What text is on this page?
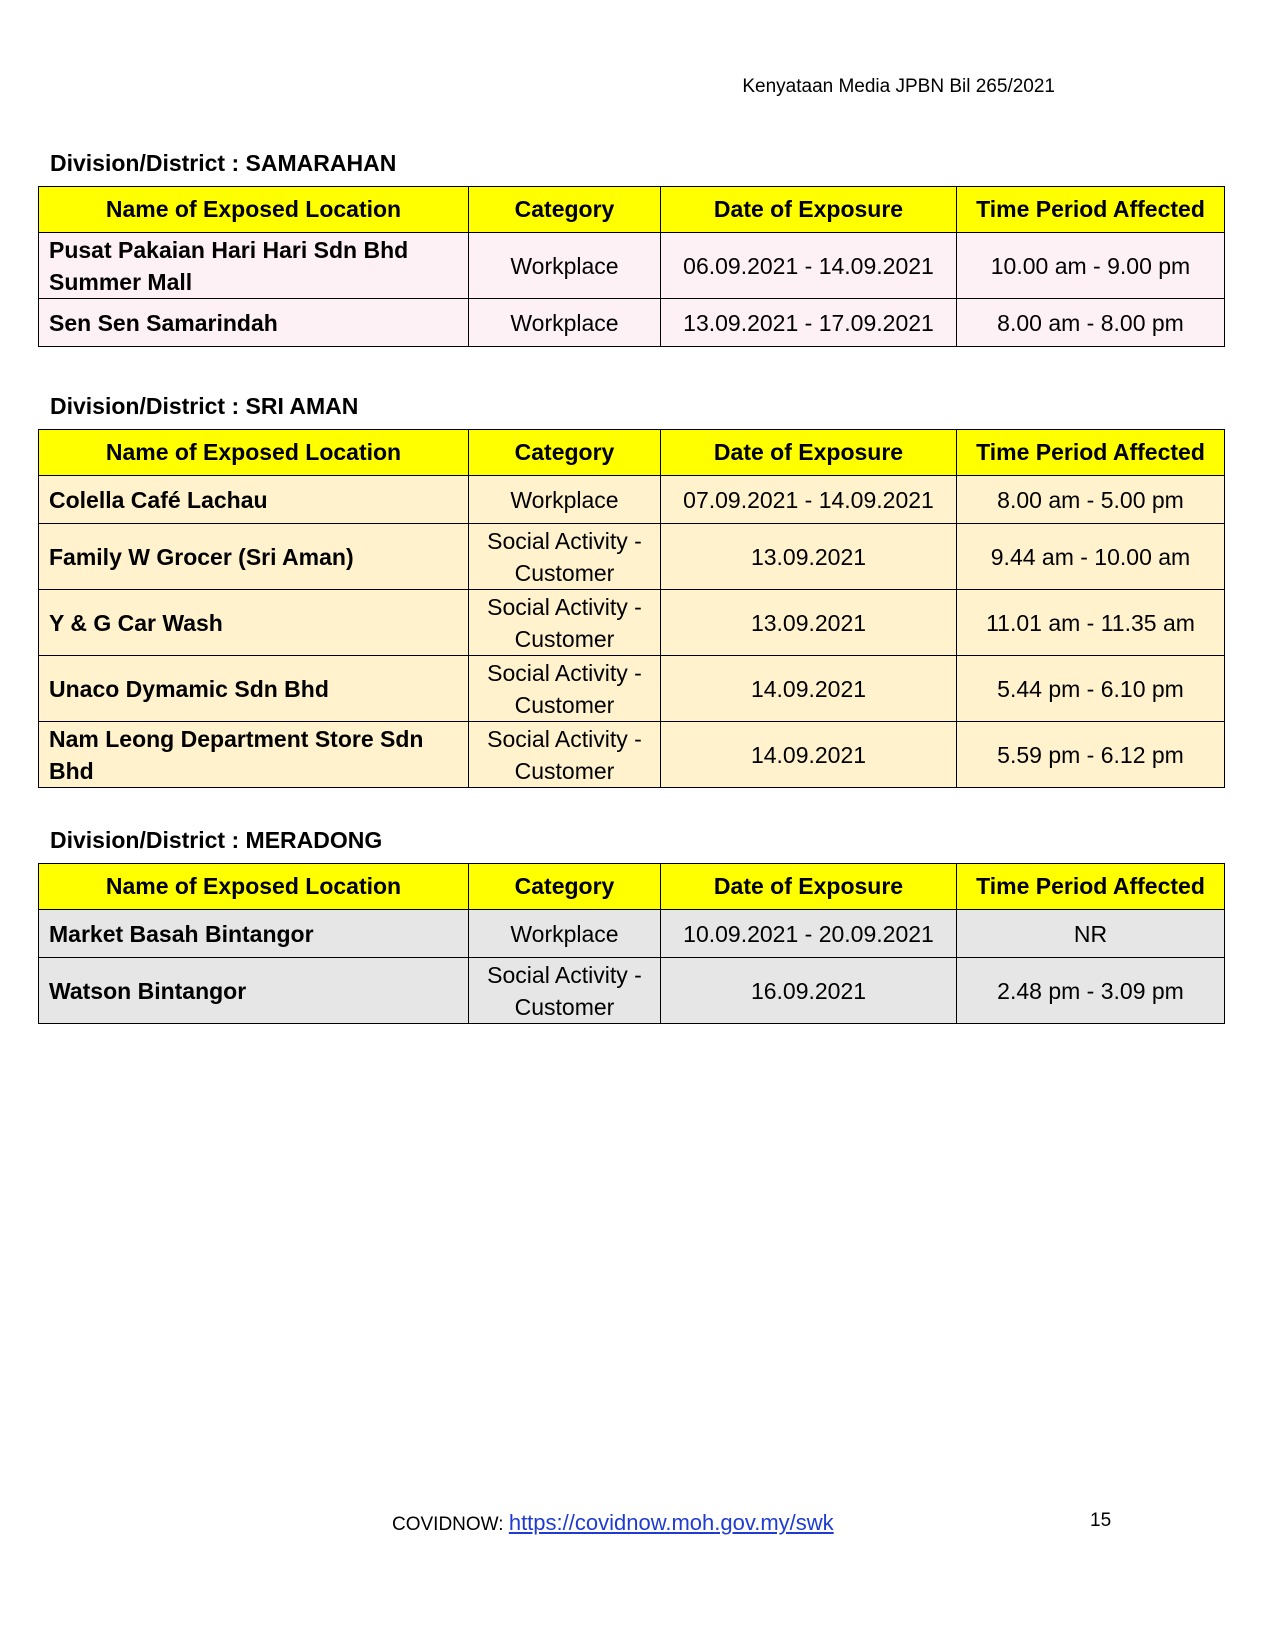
Kenyataan Media JPBN Bil 265/2021
Division/District : SAMARAHAN
Name of Exposed Location	Category	Date of Exposure	Time Period Affected
Pusat Pakaian Hari Hari Sdn Bhd Summer Mall	Workplace	06.09.2021 - 14.09.2021	10.00 am - 9.00 pm
Sen Sen Samarindah	Workplace	13.09.2021 - 17.09.2021	8.00 am - 8.00 pm
Division/District : SRI AMAN
Name of Exposed Location	Category	Date of Exposure	Time Period Affected
Colella Café Lachau	Workplace	07.09.2021 - 14.09.2021	8.00 am - 5.00 pm
Family W Grocer (Sri Aman)	Social Activity - Customer	13.09.2021	9.44 am - 10.00 am
Y & G Car Wash	Social Activity - Customer	13.09.2021	11.01 am - 11.35 am
Unaco Dymamic Sdn Bhd	Social Activity - Customer	14.09.2021	5.44 pm - 6.10 pm
Nam Leong Department Store Sdn Bhd	Social Activity - Customer	14.09.2021	5.59 pm - 6.12 pm
Division/District : MERADONG
Name of Exposed Location	Category	Date of Exposure	Time Period Affected
Market Basah Bintangor	Workplace	10.09.2021 - 20.09.2021	NR
Watson Bintangor	Social Activity - Customer	16.09.2021	2.48 pm - 3.09 pm
COVIDNOW: https://covidnow.moh.gov.my/swk	15
